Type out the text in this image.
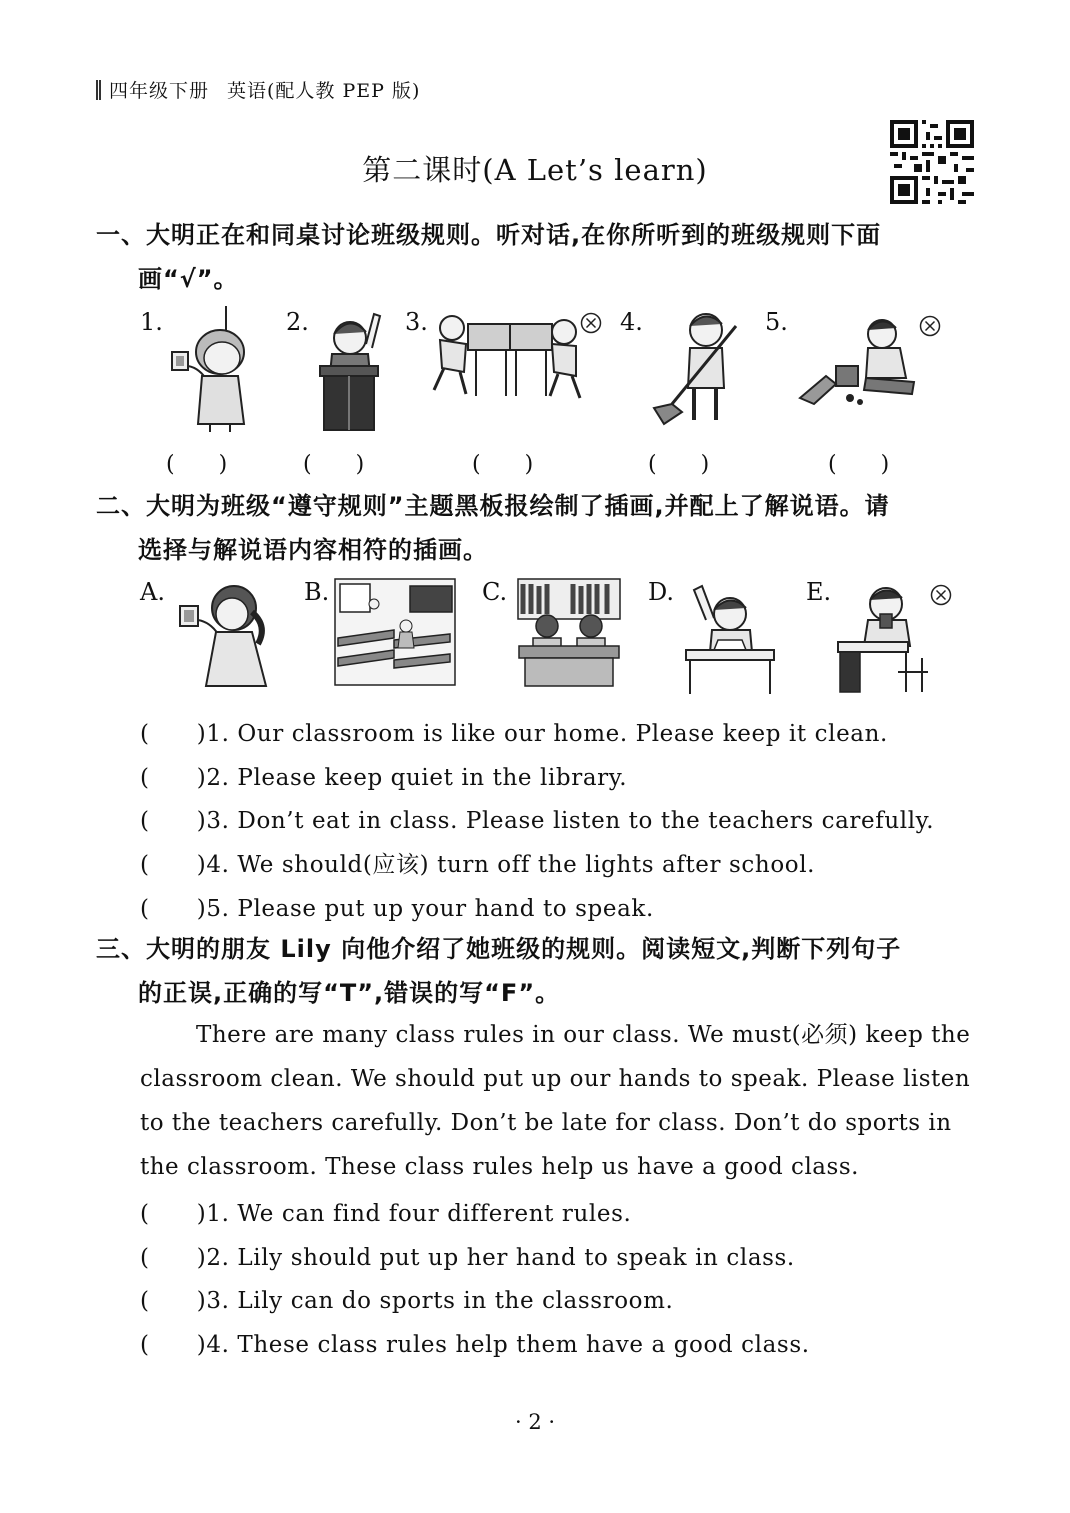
四年级下册 英语(配人教 PEP 版)
第二课时(A Let’s learn)
一、大明正在和同桌讨论班级规则。听对话,在你所听到的班级规则下面
画“√”。
1.	2.	3.	4.	5.
(　　)	(　　)	(　　)	(　　)	(　　)
二、大明为班级“遵守规则”主题黑板报绘制了插画,并配上了解说语。请
选择与解说语内容相符的插画。
A.	B.	C.	D.	E.
(　　)1. Our classroom is like our home. Please keep it clean.
(　　)2. Please keep quiet in the library.
(　　)3. Don’t eat in class. Please listen to the teachers carefully.
(　　)4. We should(应该) turn off the lights after school.
(　　)5. Please put up your hand to speak.
三、大明的朋友 Lily 向他介绍了她班级的规则。阅读短文,判断下列句子
的正误,正确的写“T”,错误的写“F”。
There are many class rules in our class. We must(必须) keep the
classroom clean. We should put up our hands to speak. Please listen
to the teachers carefully. Don’t be late for class. Don’t do sports in
the classroom. These class rules help us have a good class.
(　　)1. We can find four different rules.
(　　)2. Lily should put up her hand to speak in class.
(　　)3. Lily can do sports in the classroom.
(　　)4. These class rules help them have a good class.
· 2 ·
